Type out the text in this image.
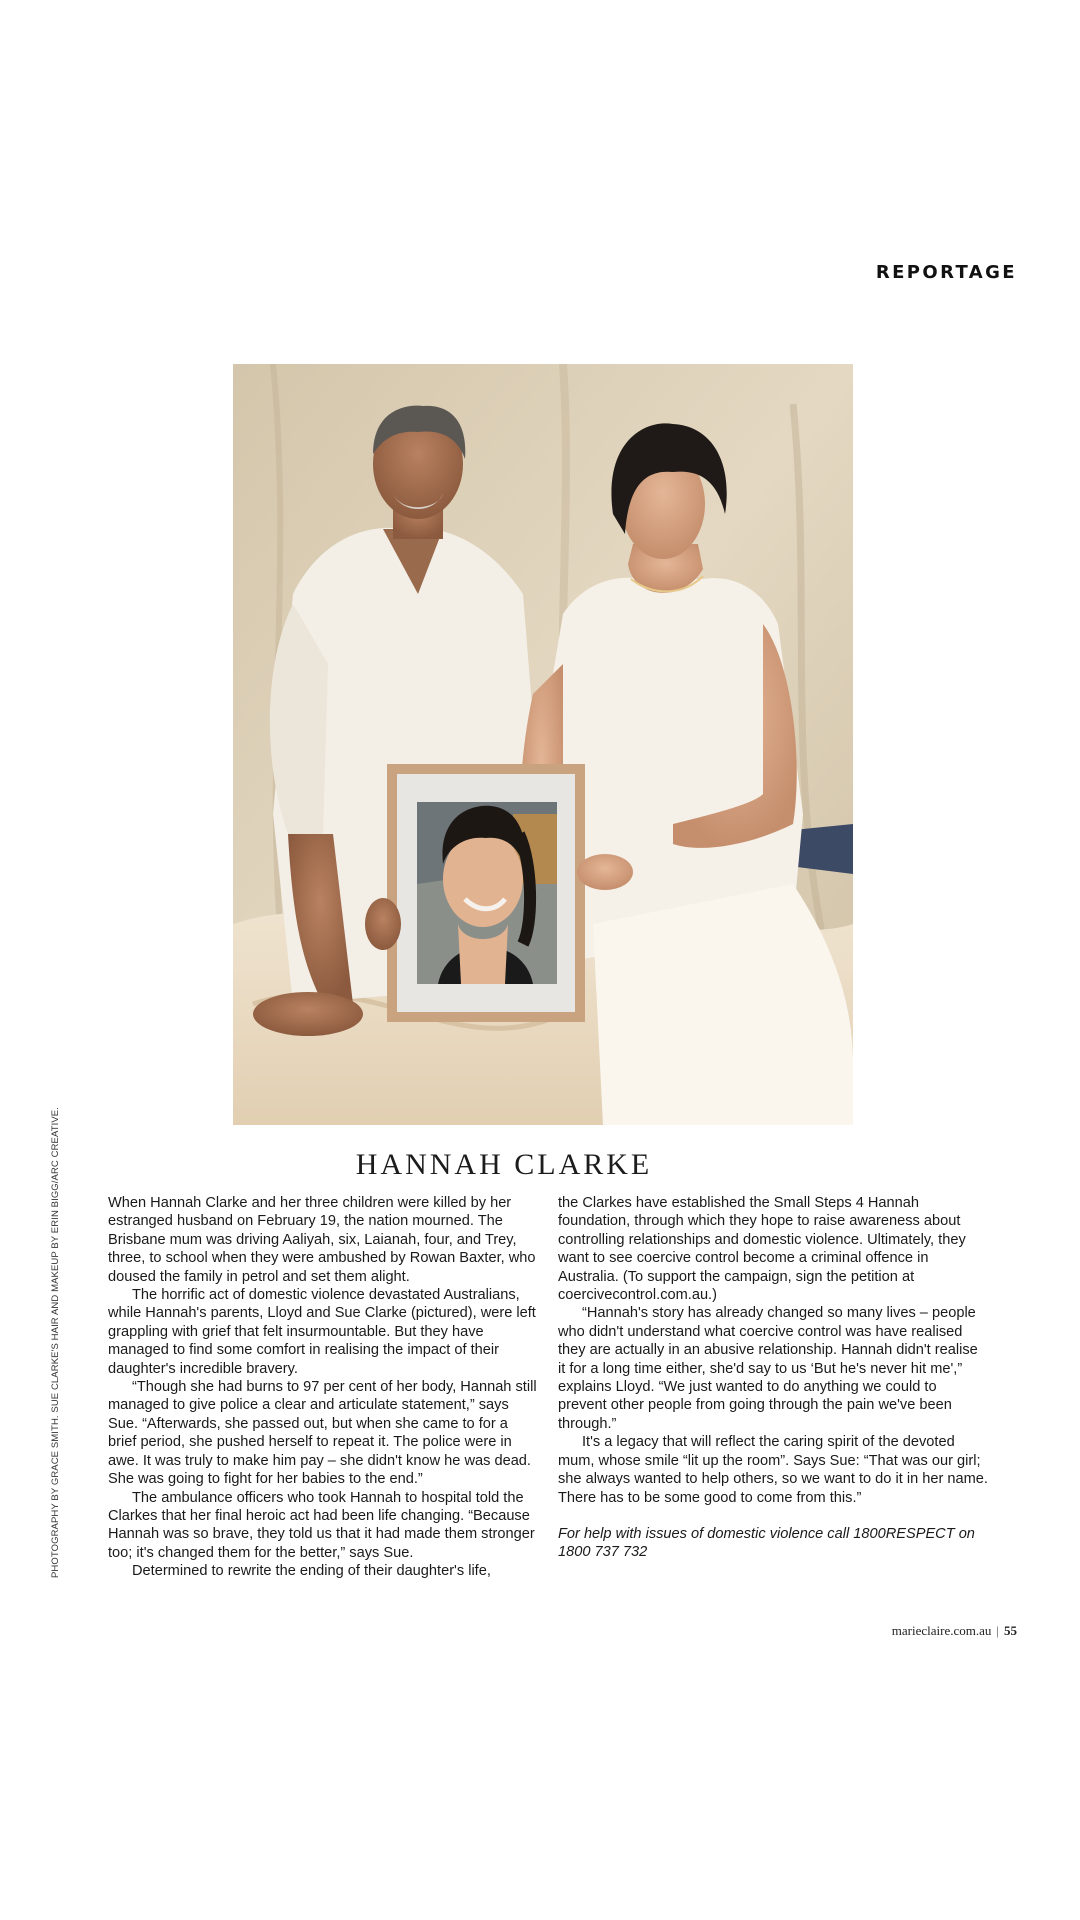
REPORTAGE
PHOTOGRAPHY BY GRACE SMITH. SUE CLARKE'S HAIR AND MAKEUP BY ERIN BIGG/ARC CREATIVE.	HANNAH CLARKE

When Hannah Clarke and her three children were killed by her estranged husband on February 19, the nation mourned. The Brisbane mum was driving Aaliyah, six, Laianah, four, and Trey, three, to school when they were ambushed by Rowan Baxter, who doused the family in petrol and set them alight.

The horrific act of domestic violence devastated Australians, while Hannah's parents, Lloyd and Sue Clarke (pictured), were left grappling with grief that felt insurmountable. But they have managed to find some comfort in realising the impact of their daughter's incredible bravery.

“Though she had burns to 97 per cent of her body, Hannah still managed to give police a clear and articulate statement,” says Sue. “Afterwards, she passed out, but when she came to for a brief period, she pushed herself to repeat it. The police were in awe. It was truly to make him pay – she didn't know he was dead. She was going to fight for her babies to the end.”

The ambulance officers who took Hannah to hospital told the Clarkes that her final heroic act had been life changing. “Because Hannah was so brave, they told us that it had made them stronger too; it's changed them for the better,” says Sue.

Determined to rewrite the ending of their daughter's life,

the Clarkes have established the Small Steps 4 Hannah foundation, through which they hope to raise awareness about controlling relationships and domestic violence. Ultimately, they want to see coercive control become a criminal offence in Australia. (To support the campaign, sign the petition at coercivecontrol.com.au.)

“Hannah's story has already changed so many lives – people who didn't understand what coercive control was have realised they are actually in an abusive relationship. Hannah didn't realise it for a long time either, she'd say to us ‘But he's never hit me',” explains Lloyd. “We just wanted to do anything we could to prevent other people from going through the pain we've been through.”

It's a legacy that will reflect the caring spirit of the devoted mum, whose smile “lit up the room”. Says Sue: “That was our girl; she always wanted to help others, so we want to do it in her name. There has to be some good to come from this.”

For help with issues of domestic violence call 1800RESPECT on 1800 737 732

marieclaire.com.au | 55
